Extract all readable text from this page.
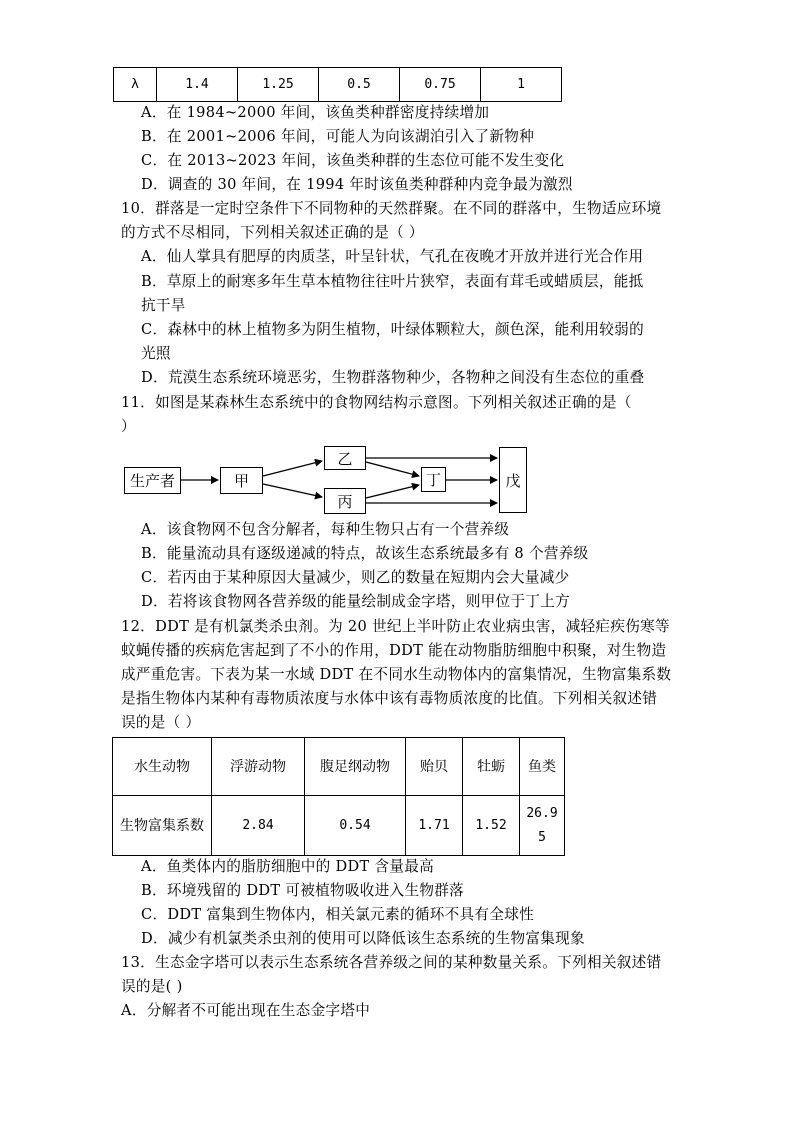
λ	1.4	1.25	0.5	0.75	1
A．在 1984~2000 年间，该鱼类种群密度持续增加
B．在 2001~2006 年间，可能人为向该湖泊引入了新物种
C．在 2013~2023 年间，该鱼类种群的生态位可能不发生变化
D．调查的 30 年间，在 1994 年时该鱼类种群种内竞争最为激烈
10．群落是一定时空条件下不同物种的天然群聚。在不同的群落中，生物适应环境
的方式不尽相同，下列相关叙述正确的是（ ）
A．仙人掌具有肥厚的肉质茎，叶呈针状，气孔在夜晚才开放并进行光合作用
B．草原上的耐寒多年生草本植物往往叶片狭窄，表面有茸毛或蜡质层，能抵
抗干旱
C．森林中的林上植物多为阴生植物，叶绿体颗粒大，颜色深，能利用较弱的
光照
D．荒漠生态系统环境恶劣，生物群落物种少，各物种之间没有生态位的重叠
11．如图是某森林生态系统中的食物网结构示意图。下列相关叙述正确的是（
）
生产者	甲
乙
丙
丁	戊
A．该食物网不包含分解者，每种生物只占有一个营养级
B．能量流动具有逐级递减的特点，故该生态系统最多有 8 个营养级
C．若丙由于某种原因大量减少，则乙的数量在短期内会大量减少
D．若将该食物网各营养级的能量绘制成金字塔，则甲位于丁上方
12．DDT 是有机氯类杀虫剂。为 20 世纪上半叶防止农业病虫害，减轻疟疾伤寒等
蚊蝇传播的疾病危害起到了不小的作用，DDT 能在动物脂肪细胞中积聚，对生物造
成严重危害。下表为某一水域 DDT 在不同水生动物体内的富集情况，生物富集系数
是指生物体内某种有毒物质浓度与水体中该有毒物质浓度的比值。下列相关叙述错
误的是（ ）
水生动物	浮游动物	腹足纲动物	贻贝	牡蛎	鱼类
生物富集系数	2.84	0.54	1.71	1.52	26.95
A．鱼类体内的脂肪细胞中的 DDT 含量最高
B．环境残留的 DDT 可被植物吸收进入生物群落
C．DDT 富集到生物体内，相关氯元素的循环不具有全球性
D．减少有机氯类杀虫剂的使用可以降低该生态系统的生物富集现象
13．生态金字塔可以表示生态系统各营养级之间的某种数量关系。下列相关叙述错
误的是( )
A．分解者不可能出现在生态金字塔中
